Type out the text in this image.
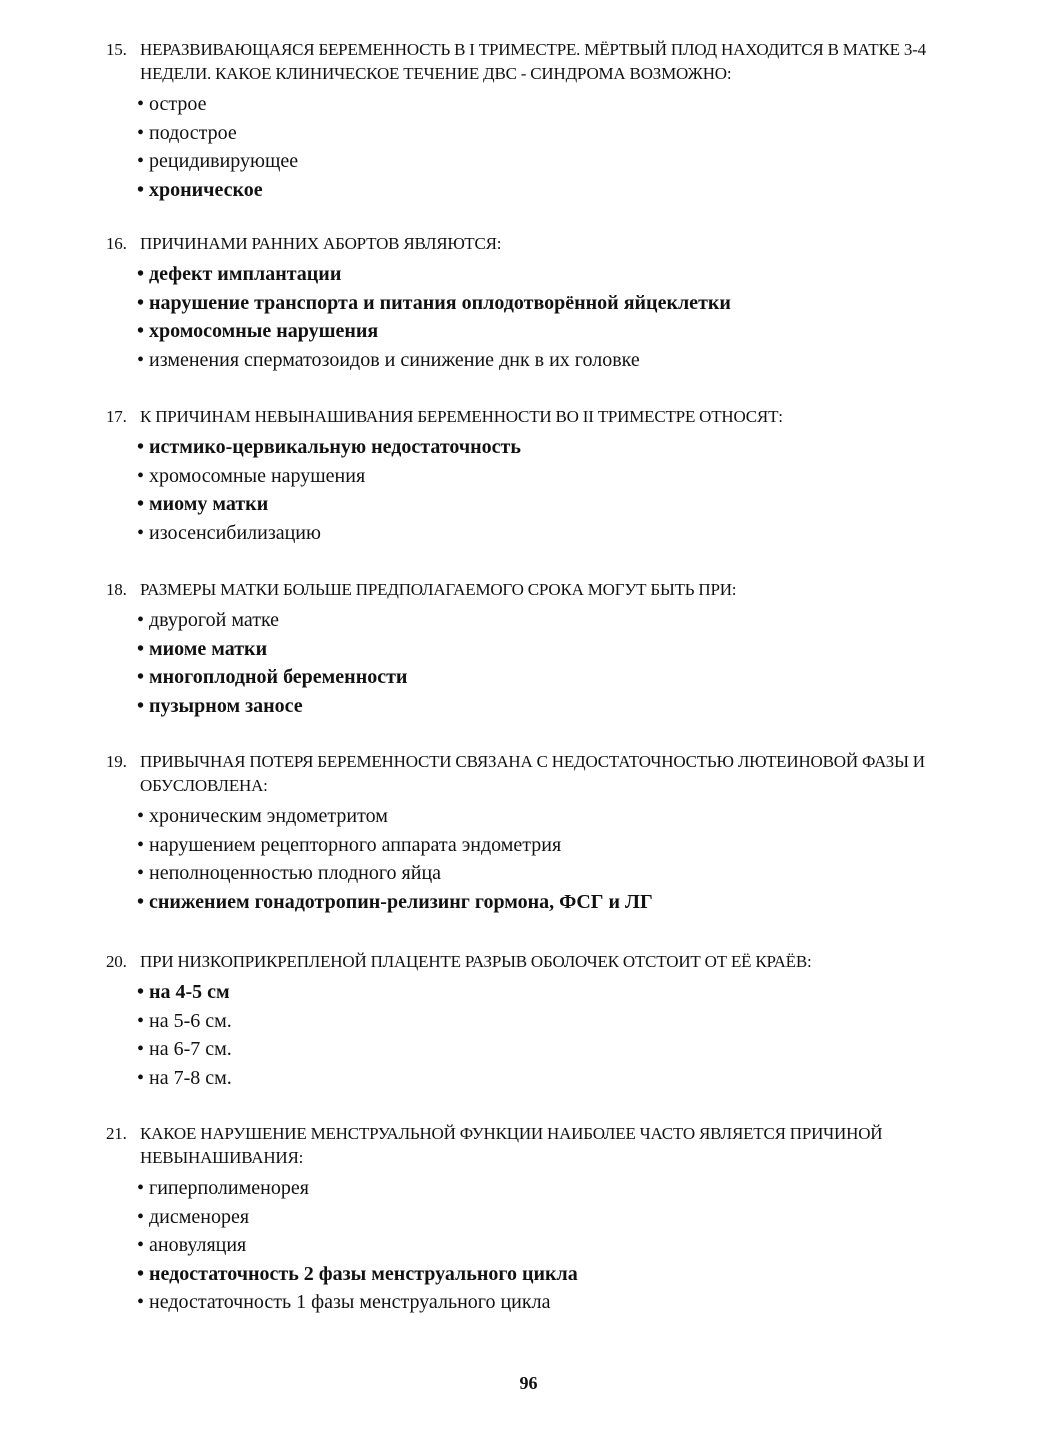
15. НЕРАЗВИВАЮЩАЯСЯ БЕРЕМЕННОСТЬ В I ТРИМЕСТРЕ. МЁРТВЫЙ ПЛОД НАХОДИТСЯ В МАТКЕ 3-4 НЕДЕЛИ. КАКОЕ КЛИНИЧЕСКОЕ ТЕЧЕНИЕ ДВС - СИНДРОМА ВОЗМОЖНО:
• острое
• подострое
• рецидивирующее
• хроническое
16. ПРИЧИНАМИ РАННИХ АБОРТОВ ЯВЛЯЮТСЯ:
• дефект имплантации
• нарушение транспорта и питания оплодотворённой яйцеклетки
• хромосомные нарушения
• изменения сперматозоидов и синижение днк в их головке
17. К ПРИЧИНАМ НЕВЫНАШИВАНИЯ БЕРЕМЕННОСТИ ВО II ТРИМЕСТРЕ ОТНОСЯТ:
• истмико-цервикальную недостаточность
• хромосомные нарушения
• миому матки
• изосенсибилизацию
18. РАЗМЕРЫ МАТКИ БОЛЬШЕ ПРЕДПОЛАГАЕМОГО СРОКА МОГУТ БЫТЬ ПРИ:
• двурогой матке
• миоме матки
• многоплодной беременности
• пузырном заносе
19. ПРИВЫЧНАЯ ПОТЕРЯ БЕРЕМЕННОСТИ СВЯЗАНА С НЕДОСТАТОЧНОСТЬЮ ЛЮТЕИНОВОЙ ФАЗЫ И ОБУСЛОВЛЕНА:
• хроническим эндометритом
• нарушением рецепторного аппарата эндометрия
• неполноценностью плодного яйца
• снижением гонадотропин-релизинг гормона, ФСГ и ЛГ
20. ПРИ НИЗКОПРИКРЕПЛЕНОЙ ПЛАЦЕНТЕ РАЗРЫВ ОБОЛОЧЕК ОТСТОИТ ОТ ЕЁ КРАЁВ:
• на 4-5 см
• на 5-6 см.
• на 6-7 см.
• на 7-8 см.
21. КАКОЕ НАРУШЕНИЕ МЕНСТРУАЛЬНОЙ ФУНКЦИИ НАИБОЛЕЕ ЧАСТО ЯВЛЯЕТСЯ ПРИЧИНОЙ НЕВЫНАШИВАНИЯ:
• гиперполименорея
• дисменорея
• ановуляция
• недостаточность 2 фазы менструального цикла
• недостаточность 1 фазы менструального цикла
96
